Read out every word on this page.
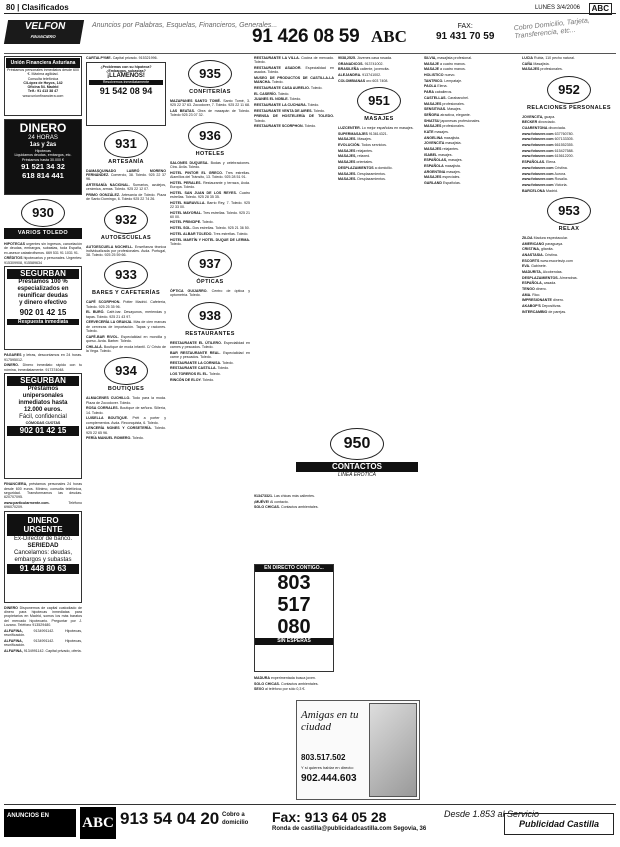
80 | Clasificados	LUNES 3/4/2006	ABC
VELFON
FINANCIERO
Anuncios por Palabras, Esquelas, Financieros, Generales...
91 426 08 59 ABC
FAX:
91 431 70 59
Cobro Domicilio, Tarjeta, Transferencia, etc...
Unión Financiera Asturiana
Préstamos personales inmediatos desde 600 €. Máxima agilidad.
Consulta telefónica
C/López de Hoyos, 142
Oficina 54. Madrid
Telf.: 91 413 38 47
www.unionfinanciera.com
DINERO
24 HORAS
1as y 2as
Hipotecas
Liquidamos deudas, embargos, etc.
Préstamos hasta 30.000 €
91 521 34 32
618 814 441
930
VARIOS TOLEDO

HIPOTECAS urgentes sin ingresos, cancelación de deudas, embargos, subastas, toda España, ex-asesor catastrofismos. 669 531 91 1031 91.

CRÉDITOS hipotecarios y personales. Urgentes: 915309908, 915589634

SEGURBAN
Préstamos 100 %
especializados en
reunificar deudas
y dinero efectivo
902 01 42 15
Respuesta inmediata

PAGARES y letras, descontamos en 24 horas. 917595012.

DINERO. Dinero inmediato rápido con tu nómina, inmediatamente. 917374048.

SEGURBAN
Préstamos
unipersonales
inmediatos hasta
12.000 euros.
Fácil, confidencial
CÓMODAS CUOTAS
902 01 42 15

FINANCIERA, préstamos personales 24 horas desde 600 euros. Mínimo, consulta telefónica, seguridad. Transformamos las deudas. 620707095.

www.particularmente.com.	Teléfono 696070209.

DINERO URGENTE
Ex-Director de banco.
SERIEDAD
Cancelamos: deudas, embargos y subastas
91 448 80 63

DINERO Disponemos de capital custodiado de dinero para hipotecas inmediatas para propietarios en Madrid, somos los más baratos del mercado hipotecario. Preguntar por J. Lozano. Teléfono 913529480.

ALFAFINA,	9134991142. Hipotecas, reunificación.

ALFAFINA,	9134991142. Hipotecas, reunificación.

ALFAFINA, 9134991142. Capital privado, oferta.

CARTALPYME. Capital privado. 915321996.

¿Problemas con su hipoteca?
¿Embargos, subastas?
¡LLÁMENOS!
Resolvemos inmediatamente
91 542 08 94
931
ARTESANÍA

DAMASQUINADO LABRÓ MORENO FERNÁNDEZ. Comercio, 38. Toledo. 925 22 37 96.

ARTESANÍA NACIONAL. Sumarios, azulejos, cerámica, armas. Toledo. 925 22 12 07.

PRIMO GONZÁLEZ. Artesanía de Toledo. Plaza de Santo Domingo, 6. Toledo 925 22 74 26.

932
AUTOESCUELAS

AUTOESCUELA NOCHELL. Enseñanza técnica individualizada por profesionales. Avda. Portugal, 38. Toledo. 925 25 59 66.

933
BARES Y CAFETERÍAS

CAFÉ SCORPHON. Potter Madrid. Cafetería, Toledo. 925 25 35 96.

EL BURÓ. Café-bar. Desayunos, meriendas y tapas. Toledo. 925 21 43 97.

CERVECERÍA LA GRANJA. Más de cien marcas de cervezas de importación. Tapas y raciones. Toledo.

CAFÉ-BAR RIVOL. Especialidad en morcilla y queso. Avda. Barber. Toledo.

CHILALÁ. Boutique de moda infantil. C/ Cristo de la Vega. Toledo.

934
BOUTIQUES

ALMACENES CUCHILLO. Todo para la moda. Plaza de Zocodover. Toledo.

ROSA CORRALES. Boutique de señora. Sillería, 14. Toledo.

LUISELLA BOUTIQUE. Prêt a porter y complementos. Avda. Reconquista, 6. Toledo.

LENCERÍA NONES Y CORSETERÍA. Toledo. 925 22 65 96.

PERÍA MANUEL ROMERO. Toledo.

935
CONFITERÍAS

MAZAPANES SANTO TOMÉ. Santo Tomé, 3. 925 22 37 63. Zocodover, 7. Toledo. 925 22 11 68.

LAS BEATAS. Obra de mazapán de Toledo. Toledo 925 23 07 32.

936
HOTELES

SALONES DUQUESA. Bodas y celebraciones. Ctra. Ávila. Toledo.

HOTEL PINTOR EL GRECO. Tres estrellas. Alamillos del Tránsito, 13. Toledo. 925 28 51 91.

HOTEL PERALES. Restaurante y terraza, Avda. Europa. Toledo.

HOTEL SAN JUAN DE LOS REYES. Cuatro estrellas. Toledo. 925 28 35 35.

HOTEL MARAVILLA. Barrio Rey, 7. Toledo. 925 22 33 00.

HOTEL MAYORAL. Tres estrellas. Toledo. 925 21 60 00.

HOTEL PRINCIPE. Toledo.

HOTEL SOL. Dos estrellas. Toledo. 925 21 36 50.

HOTEL ALBAR TOLEDO. Tres estrellas. Toledo.

HOTEL MARTÍN Y HOTEL DUQUE DE LERMA. Toledo.

937
ÓPTICAS

ÓPTICA GUIJARRO. Centro de óptica y optometría. Toledo.

938
RESTAURANTES

RESTAURANTE EL ÚTILERO. Especialidad en carnes y pescados. Toledo.

BAR RESTAURANTE REAL. Especialidad en carne y pescados. Toledo.

RESTAURANTE LA CORNISA. Toledo.

RESTAURANTE CASTILLA. Toledo.

LOS TOREROS EL EL. Toledo.

RINCÓN DE ELOY. Toledo.

RESTAURANTE LA VILLA. Cocina de mercado. Toledo.

RESTAURANTE ASADOR. Especialidad en asados. Toledo.

MUSEO DE PRODUCTOS DE CASTILLA-LA MANCHA. Toledo.

RESTAURANTE CASA AURELIO. Toledo.

EL CASERÍO. Toledo.

JUANES EL NOBLE. Toledo.

RESTAURANTE LA CUCHARA. Toledo.

RESTAURANTE VENTA DE AIRES. Toledo.

PRENSA DE HOSTELERÍA DE TOLEDO. Toledo.

RESTAURANTE SCORPHON. Toledo.

950
CONTACTOS
LÍNEA ERÓTICA

913473321. Las chicas más calientes.

¡MUÉVE! Al contacto.

SOLO CHICAS. Contactos ambientales.

EN DIRECTO CONTIGO...
803
517
080
SIN ESPERAS

MADURA experimentada busca joven.

SOLO CHICAS. Contactos ambientales.

SEXO al teléfono por sólo 0,3 €.

Amigas en tu ciudad
803.517.502
Y si quieres hablar en directo:
902.444.603

9038,2525. Jóvenes casa rosada.

GRANADICOS. 913741002.

BRASILEÑA caliente, jovencita.

ALEJANDRA. 913741002.

COLOMBIANAS oro 603 7408.

951
MASAJES

LUZCENTER. Lo mejor españolas en masajes.

SUPERMASAJES 913614321.

MASAJES. Masajes.

EVOLUCIÓN. Todos servicios.

MASAJES relajantes.

MASAJES, relaxed.

MASAJES orientales.

DESPLAZAMIENTOS a domicilio.

MASAJES. Desplazamientos.

MASAJES. Desplazamientos.

SILVIA, masajista profesional.

MASAJE a cuatro manos.

MASAJE a cuatro manos.

HOLISTICO nuevo.

TANTRICO. Lempataje.

PAOLA Elena.

PARA caballeros.

CASTELLAS. Carabanchel.

MASAJES profesionales.

SENSITIVAS. Masajes.

SEÑORA atractiva, elegante.

SHIATSU japonesas profesionales.

MASAJES profesionales.

KATE masajes.

ANGELINA masajista.

JOVENCITA masajista.

MASAJES relajantes.

ISABEL masajes.

ESPAÑOLAS, masajes.

ESPAÑOLA masajista.

ARGENTINA masajes.

MASAJES especiales.

GARLAND Españolas.

LUCIA Rubia, 110 pecho natural.

CAÑA Masajista.

MASAJES profesionales.

952
RELACIONES PERSONALES

JOVENCITA, guapa.

BECKER divorciado.

CUARENTONA divorciada.

www.fotosver.com 637760780.

www.fotosver.com 607133305.

www.fotosver.com 661552355.

www.fotosver.com 615427588.

www.fotosver.com 615612200.

ESPAÑOLAS. Elena.

www.fotosver.com Cristina.

www.fotosver.com Aurora.

www.fotosver.com Rosalía.

www.fotosver.com Victoria.

BARCELONA Madrid.

953
RELAX

ZILDA Madura espectacular.

AMERICANO paraguaya.

CRISTINA, gitanita.

ANASTASIA. Cristina.

ESCORTS www.escortsvip.com

EVA. Gabinete.

MADURITA, Alcobendas.

DESPLAZAMIENTOS. Almendras.

ESPAÑOLA, casada.

TENGO dinero.

AMA. Rico.

IMPRESIONANTE dinero.

AKABOP'S Depositivas.

INTERCAMBIO de parejas.

ANUNCIOS EN	ABC 913 54 04 20 Cobro a
domicilio Fax: 913 64 05 28
Ronda de castilla@publicidadcastilla.com Segovia, 36
Desde 1.853 al Servicio
Publicidad Castilla
